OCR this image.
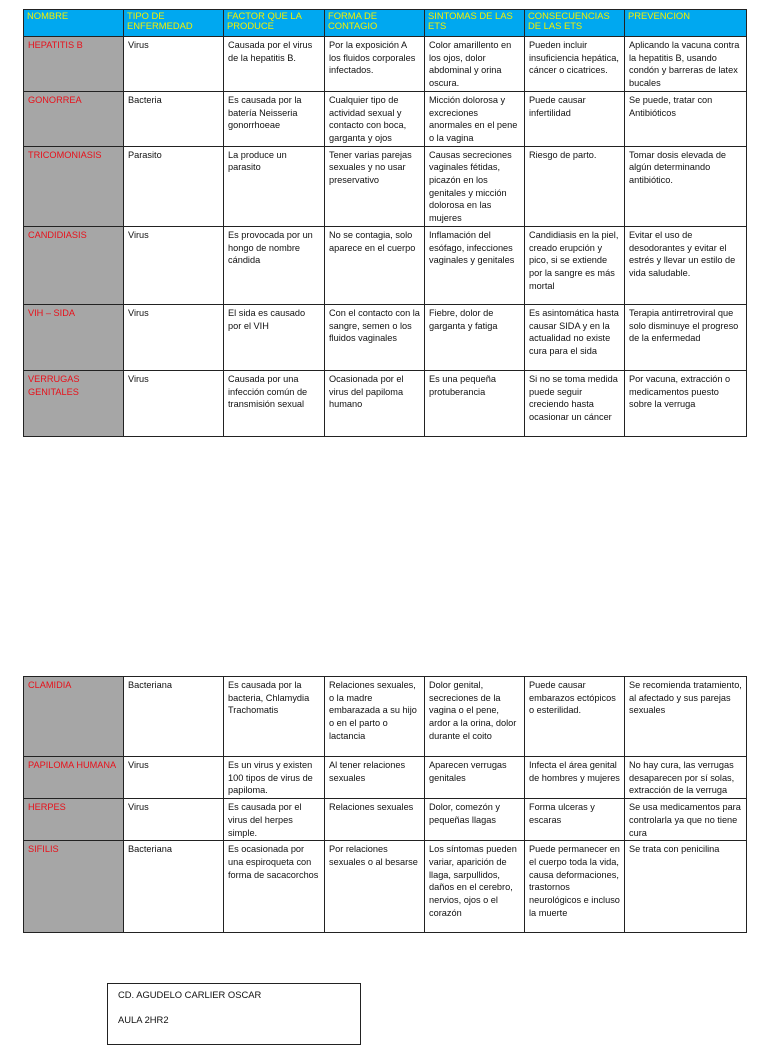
NOMBRE	TIPO DE ENFERMEDAD	FACTOR QUE LA PRODUCE	FORMA DE CONTAGIO	SINTOMAS DE LAS ETS	CONSECUENCIAS DE LAS ETS	PREVENCION
HEPATITIS B	Virus	Causada por el virus de la hepatitis B.	Por la exposición A los fluidos corporales infectados.	Color amarillento en los ojos, dolor abdominal y orina oscura.	Pueden incluir insuficiencia hepática, cáncer o cicatrices.	Aplicando la vacuna contra la hepatitis B, usando condón y barreras de latex bucales
GONORREA	Bacteria	Es causada por la batería Neisseria gonorrhoeae	Cualquier tipo de actividad sexual y contacto con boca, garganta y ojos	Micción dolorosa y excreciones anormales en el pene o la vagina	Puede causar infertilidad	Se puede, tratar con Antibióticos
TRICOMONIASIS	Parasito	La produce un parasito	Tener varias parejas sexuales y no usar preservativo	Causas secreciones vaginales fétidas, picazón en los genitales y micción dolorosa en las mujeres	Riesgo de parto.	Tomar dosis elevada de algún determinando antibiótico.
CANDIDIASIS	Virus	Es provocada por un hongo de nombre cándida	No se contagia, solo aparece en el cuerpo	Inflamación del esófago, infecciones vaginales y genitales	Candidiasis en la piel, creado erupción y pico, si se extiende por la sangre es más mortal	Evitar el uso de desodorantes y evitar el estrés y llevar un estilo de vida saludable.
VIH – SIDA	Virus	El sida es causado por el VIH	Con el contacto con la sangre, semen o los fluidos vaginales	Fiebre, dolor de garganta y fatiga	Es asintomática hasta causar SIDA y en la actualidad no existe cura para el sida	Terapia antirretroviral que solo disminuye el progreso de la enfermedad
VERRUGAS GENITALES	Virus	Causada por una infección común de transmisión sexual	Ocasionada por el virus del papiloma humano	Es una pequeña protuberancia	Si no se toma medida puede seguir creciendo hasta ocasionar un cáncer	Por vacuna, extracción o medicamentos puesto sobre la verruga
CLAMIDIA	Bacteriana	Es causada por la bacteria, Chlamydia Trachomatis	Relaciones sexuales, o la madre embarazada a su hijo o en el parto o lactancia	Dolor genital, secreciones de la vagina o el pene, ardor a la orina, dolor durante el coito	Puede causar embarazos ectópicos o esterilidad.	Se recomienda tratamiento, al afectado y sus parejas sexuales
PAPILOMA HUMANA	Virus	Es un virus y existen 100 tipos de virus de papiloma.	Al tener relaciones sexuales	Aparecen verrugas genitales	Infecta el área genital de hombres y mujeres	No hay cura, las verrugas desaparecen por sí solas, extracción de la verruga
HERPES	Virus	Es causada por el virus del herpes simple.	Relaciones sexuales	Dolor, comezón y pequeñas llagas	Forma ulceras y escaras	Se usa medicamentos para controlarla ya que no tiene cura
SIFILIS	Bacteriana	Es ocasionada por una espiroqueta con forma de sacacorchos	Por relaciones sexuales o al besarse	Los síntomas pueden variar, aparición de llaga, sarpullidos, daños en el cerebro, nervios, ojos o el corazón	Puede permanecer en el cuerpo toda la vida, causa deformaciones, trastornos neurológicos e incluso la muerte	Se trata con penicilina
CD. AGUDELO CARLIER OSCAR
AULA 2HR2
